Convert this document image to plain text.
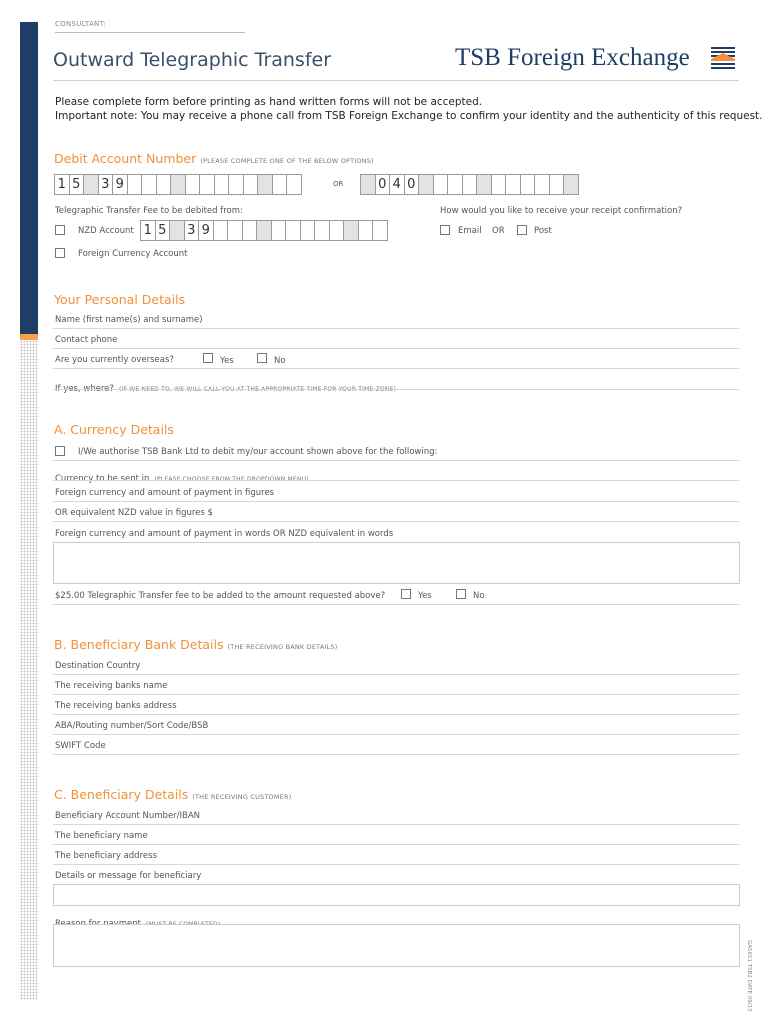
CONSULTANT:
Outward Telegraphic Transfer	TSB Foreign Exchange
Please complete form before printing as hand written forms will not be accepted.
Important note: You may receive a phone call from TSB Foreign Exchange to confirm your identity and the authenticity of this request.
Debit Account Number (PLEASE COMPLETE ONE OF THE BELOW OPTIONS)
1 5 3 9	OR	0 4 0
Telegraphic Transfer Fee to be debited from:	How would you like to receive your receipt confirmation?
NZD Account 1 5 3 9	Email OR	Post
Foreign Currency Account
Your Personal Details
Name (first name(s) and surname)
Contact phone
Are you currently overseas?	Yes	No
If yes, where? (IF WE NEED TO, WE WILL CALL YOU AT THE APPROPRIATE TIME FOR YOUR TIME ZONE)
A. Currency Details
I/We authorise TSB Bank Ltd to debit my/our account shown above for the following:
Currency to be sent in (PLEASE CHOOSE FROM THE DROPDOWN MENU)
Foreign currency and amount of payment in figures
OR equivalent NZD value in figures $
Foreign currency and amount of payment in words OR NZD equivalent in words
$25.00 Telegraphic Transfer fee to be added to the amount requested above?	Yes	No
B. Beneficiary Bank Details (THE RECEIVING BANK DETAILS)
Destination Country
The receiving banks name
The receiving banks address
ABA/Routing number/Sort Code/BSB
SWIFT Code
C. Beneficiary Details (THE RECEIVING CUSTOMER)
Beneficiary Account Number/IBAN
The beneficiary name
The beneficiary address
Details or message for beneficiary
GA5651 TSB2 DATE 09/13
